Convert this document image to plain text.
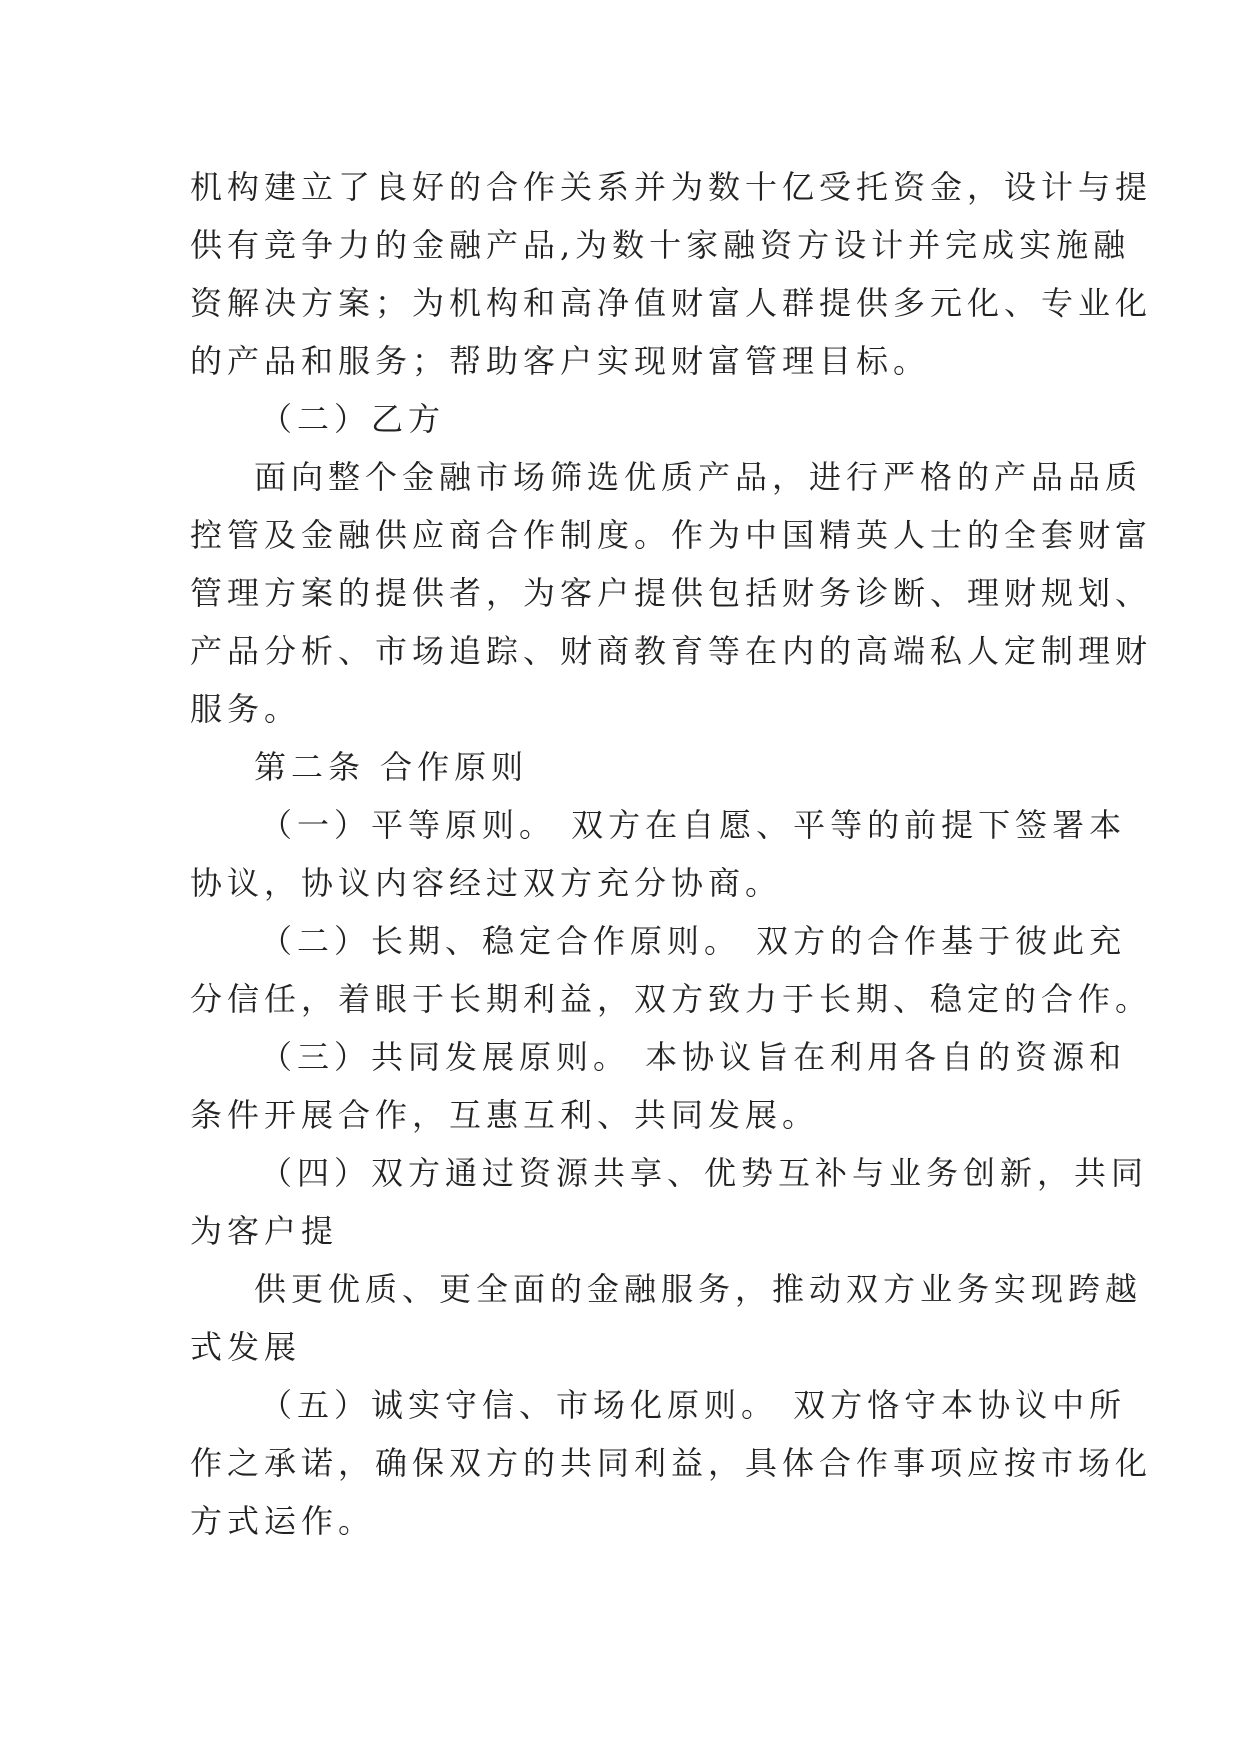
机构建立了良好的合作关系并为数十亿受托资金，设计与提
供有竞争力的金融产品,为数十家融资方设计并完成实施融
资解决方案；为机构和高净值财富人群提供多元化、专业化
的产品和服务；帮助客户实现财富管理目标。
（二）乙方
面向整个金融市场筛选优质产品，进行严格的产品品质
控管及金融供应商合作制度。作为中国精英人士的全套财富
管理方案的提供者，为客户提供包括财务诊断、理财规划、
产品分析、市场追踪、财商教育等在内的高端私人定制理财
服务。
第二条 合作原则
（一）平等原则。 双方在自愿、平等的前提下签署本
协议，协议内容经过双方充分协商。
（二）长期、稳定合作原则。 双方的合作基于彼此充
分信任，着眼于长期利益，双方致力于长期、稳定的合作。
（三）共同发展原则。 本协议旨在利用各自的资源和
条件开展合作，互惠互利、共同发展。
（四）双方通过资源共享、优势互补与业务创新，共同
为客户提
供更优质、更全面的金融服务，推动双方业务实现跨越
式发展
（五）诚实守信、市场化原则。 双方恪守本协议中所
作之承诺，确保双方的共同利益，具体合作事项应按市场化
方式运作。
